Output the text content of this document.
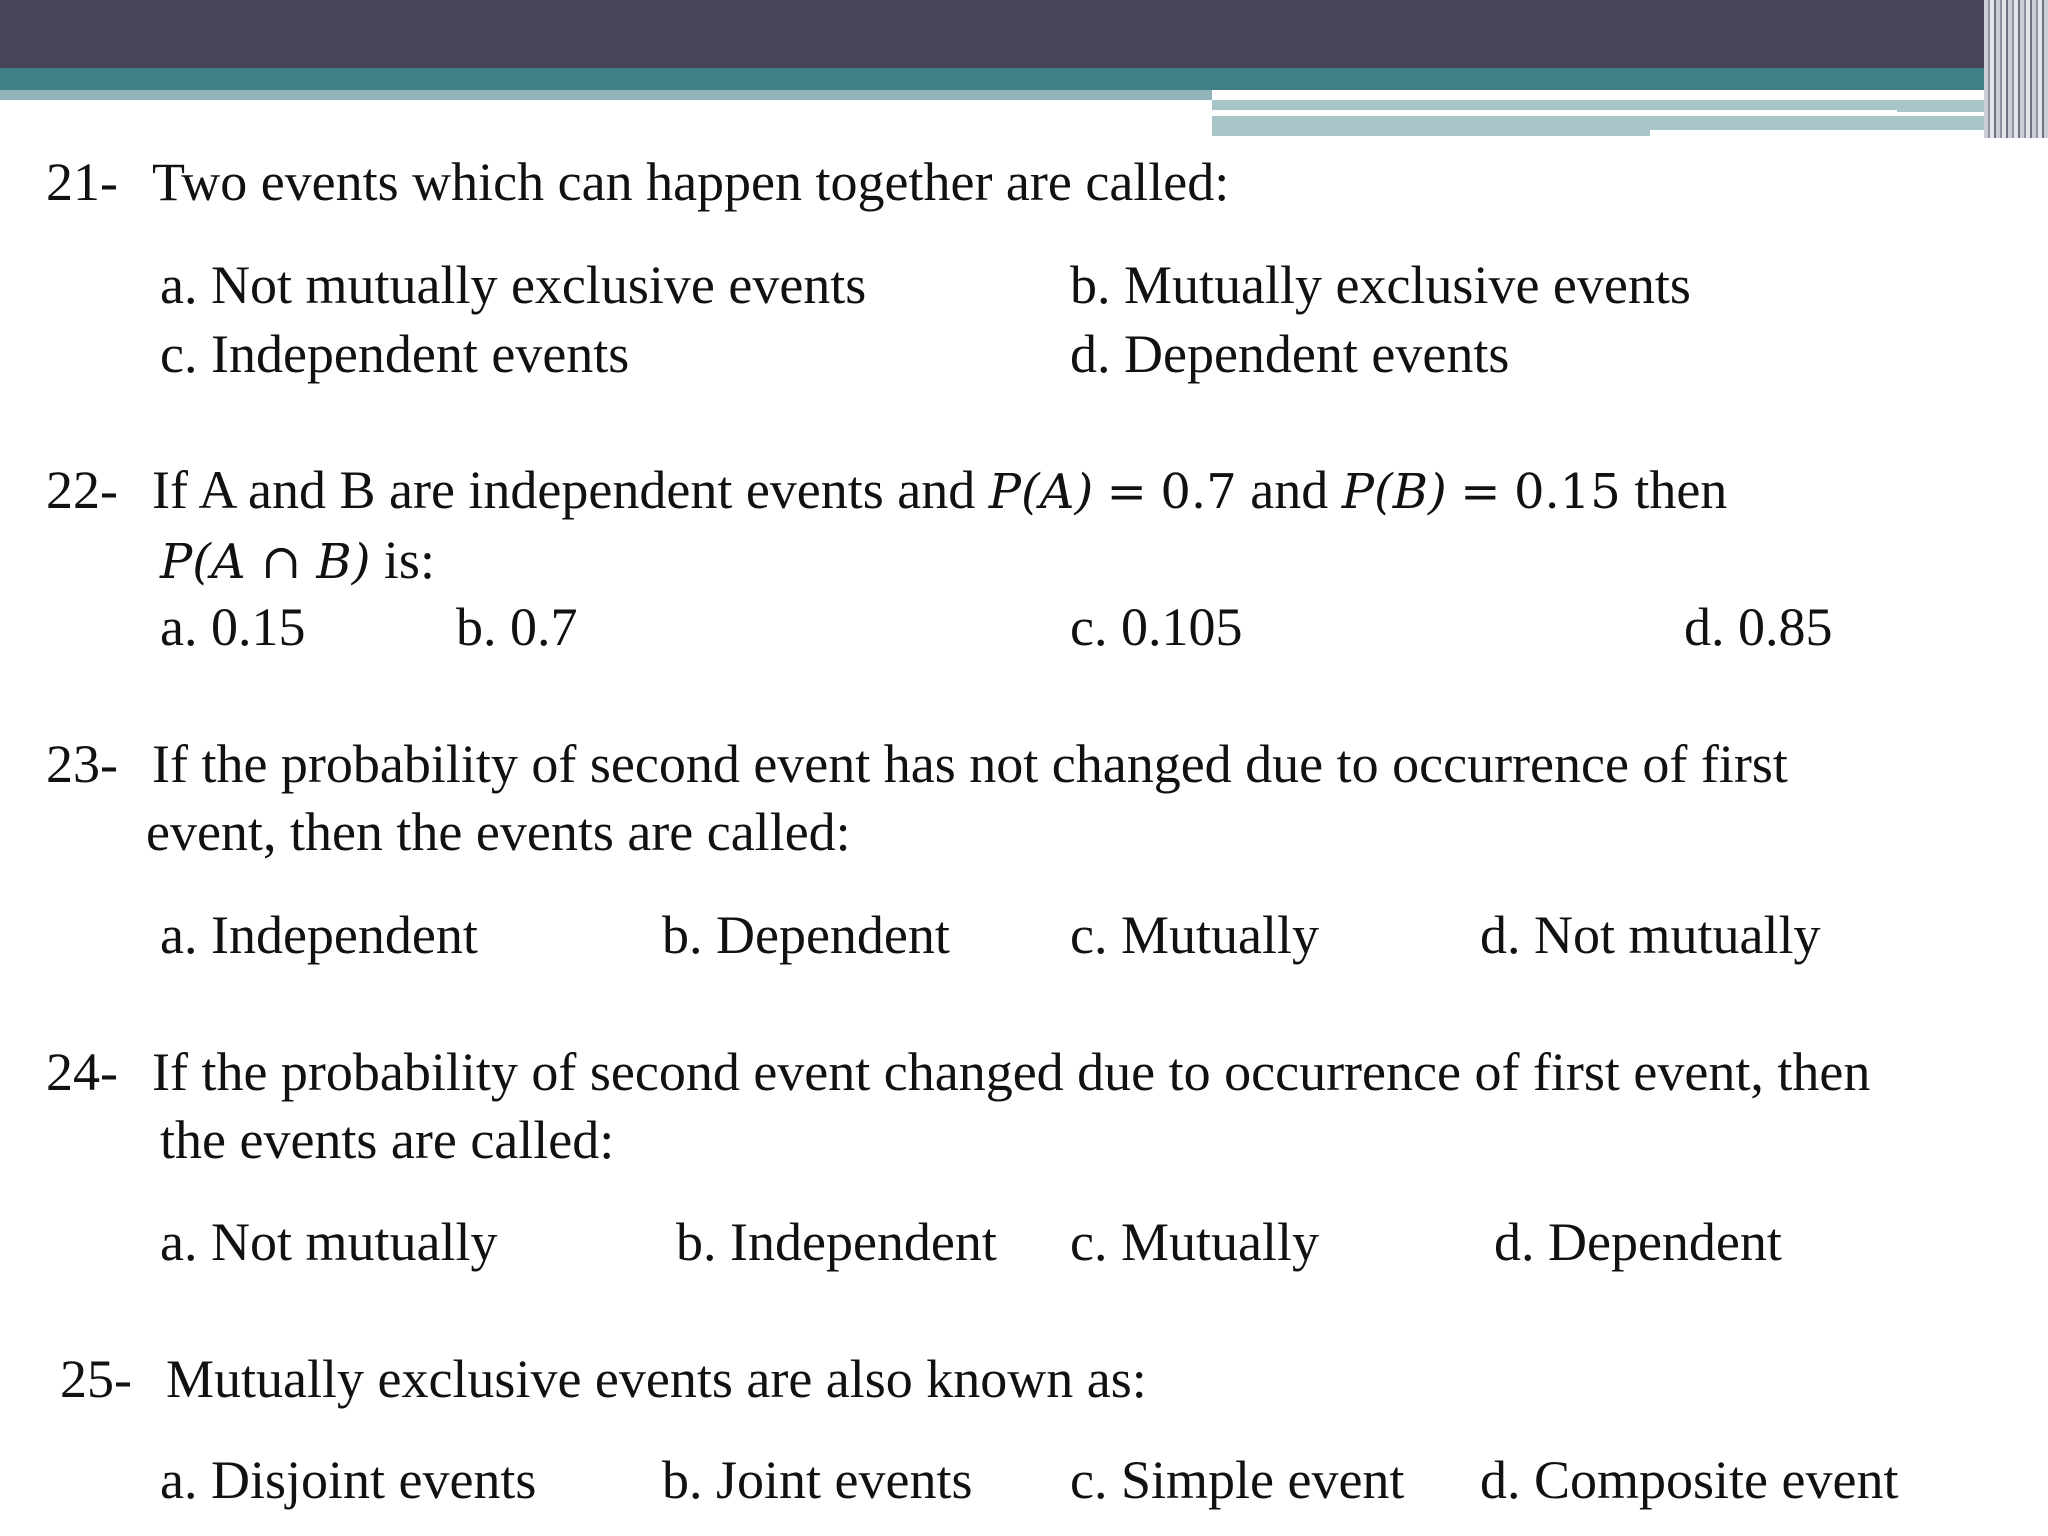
21- Two events which can happen together are called:
a. Not mutually exclusive events	b. Mutually exclusive events
c. Independent events	d. Dependent events
22- If A and B are independent events and P(A) = 0.7 and P(B) = 0.15 then
P(A ∩ B) is:
a. 0.15	b. 0.7	c. 0.105	d. 0.85
23- If the probability of second event has not changed due to occurrence of first
event, then the events are called:
a. Independent	b. Dependent c. Mutually	d. Not mutually
24- If the probability of second event changed due to occurrence of first event, then
the events are called:
a. Not mutually	b. Independent c. Mutually	d. Dependent
25- Mutually exclusive events are also known as:
a. Disjoint events b. Joint events c. Simple event d. Composite event
